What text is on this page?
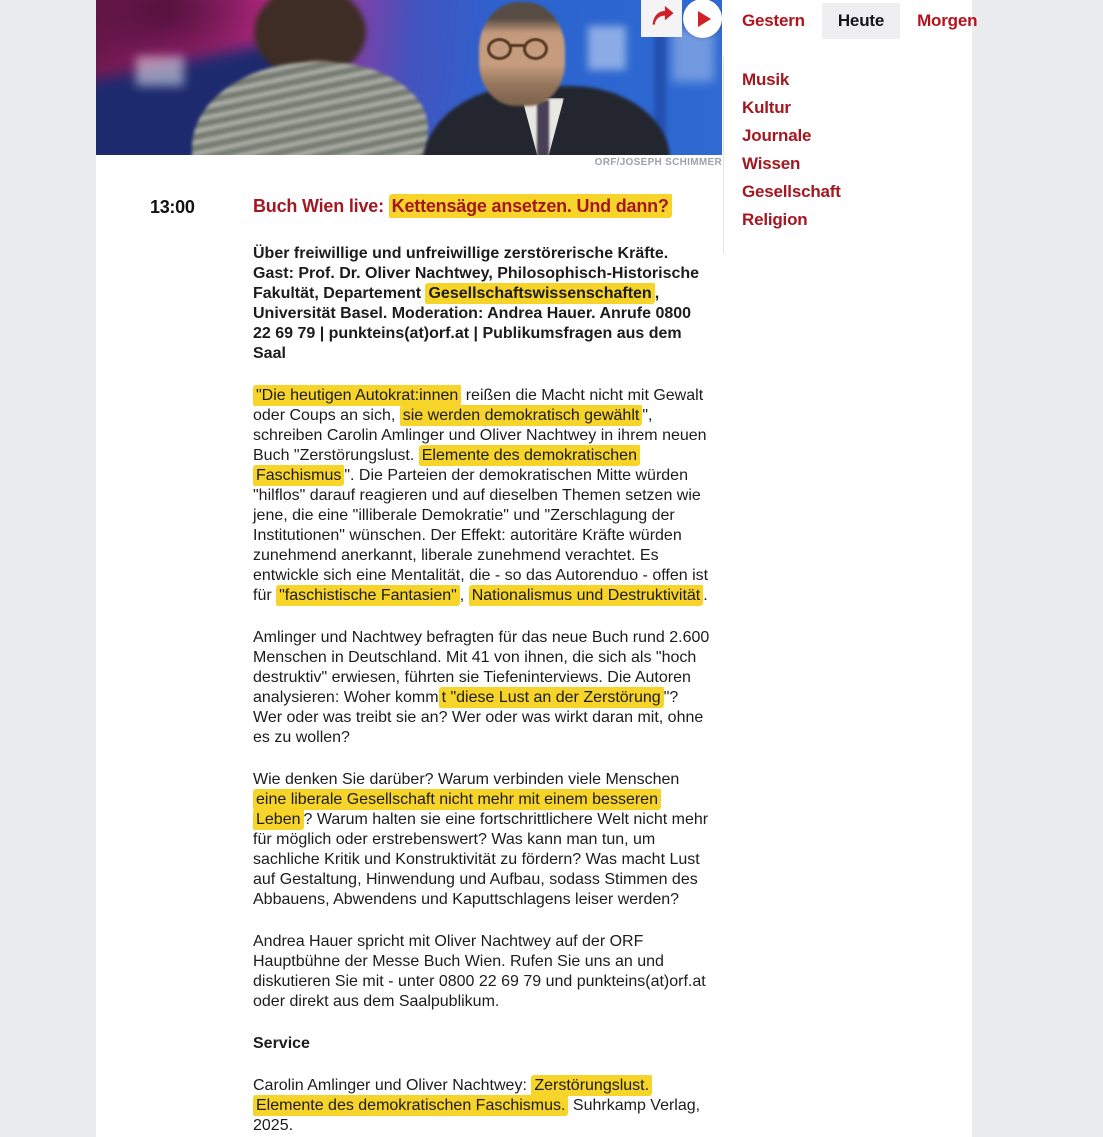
ORF/JOSEPH SCHIMMER
13:00	Buch Wien live: Kettensäge ansetzen. Und dann?

Über freiwillige und unfreiwillige zerstörerische Kräfte. Gast: Prof. Dr. Oliver Nachtwey, Philosophisch-Historische Fakultät, Departement Gesellschaftswissenschaften , Universität Basel. Moderation: Andrea Hauer. Anrufe 0800 22 69 79 | punkteins(at)orf.at | Publikumsfragen aus dem Saal

"Die heutigen Autokrat:innen reißen die Macht nicht mit Gewalt oder Coups an sich, sie werden demokratisch gewählt ", schreiben Carolin Amlinger und Oliver Nachtwey in ihrem neuen Buch "Zerstörungslust. Elemente des demokratischen Faschismus ". Die Parteien der demokratischen Mitte würden "hilflos" darauf reagieren und auf dieselben Themen setzen wie jene, die eine "illiberale Demokratie" und "Zerschlagung der Institutionen" wünschen. Der Effekt: autoritäre Kräfte würden zunehmend anerkannt, liberale zunehmend verachtet. Es entwickle sich eine Mentalität, die - so das Autorenduo - offen ist für "faschistische Fantasien" , Nationalismus und Destruktivität .

Amlinger und Nachtwey befragten für das neue Buch rund 2.600 Menschen in Deutschland. Mit 41 von ihnen, die sich als "hoch destruktiv" erwiesen, führten sie Tiefeninterviews. Die Autoren analysieren: Woher komm t "diese Lust an der Zerstörung "? Wer oder was treibt sie an? Wer oder was wirkt daran mit, ohne es zu wollen?

Wie denken Sie darüber? Warum verbinden viele Menschen eine liberale Gesellschaft nicht mehr mit einem besseren Leben ? Warum halten sie eine fortschrittlichere Welt nicht mehr für möglich oder erstrebenswert? Was kann man tun, um sachliche Kritik und Konstruktivität zu fördern? Was macht Lust auf Gestaltung, Hinwendung und Aufbau, sodass Stimmen des Abbauens, Abwendens und Kaputtschlagens leiser werden?

Andrea Hauer spricht mit Oliver Nachtwey auf der ORF Hauptbühne der Messe Buch Wien. Rufen Sie uns an und diskutieren Sie mit - unter 0800 22 69 79 und punkteins(at)orf.at oder direkt aus dem Saalpublikum.

Service

Carolin Amlinger und Oliver Nachtwey: Zerstörungslust. Elemente des demokratischen Faschismus. Suhrkamp Verlag, 2025.

Gestern	Heute	Morgen
Musik
Kultur
Journale
Wissen
Gesellschaft
Religion
